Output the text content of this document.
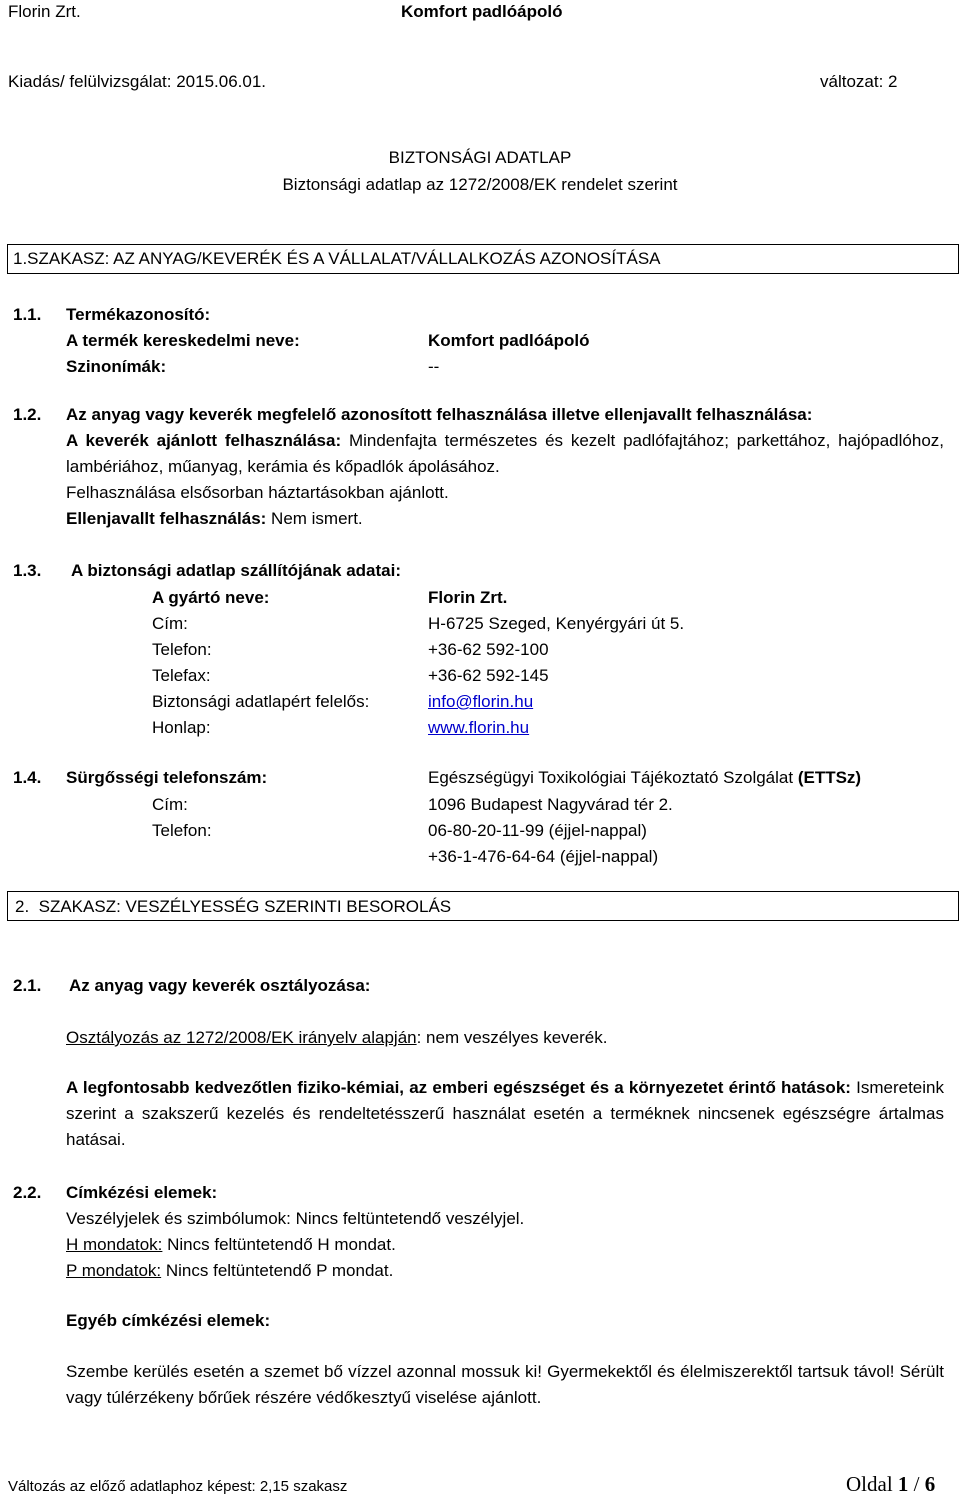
Florin Zrt.	Komfort padlóápoló
Kiadás/ felülvizsgálat: 2015.06.01.	változat: 2
BIZTONSÁGI ADATLAP
Biztonsági adatlap az 1272/2008/EK rendelet szerint
1.SZAKASZ: AZ ANYAG/KEVERÉK ÉS A VÁLLALAT/VÁLLALKOZÁS AZONOSÍTÁSA
1.1. Termékazonosító:
A termék kereskedelmi neve:	Komfort padlóápoló
Szinonímák:	--
1.2. Az anyag vagy keverék megfelelő azonosított felhasználása illetve ellenjavallt felhasználása:
A keverék ajánlott felhasználása: Mindenfajta természetes és kezelt padlófajtához; parkettához, hajópadlóhoz, lambériához, műanyag, kerámia és kőpadlók ápolásához.
Felhasználása elsősorban háztartásokban ajánlott.
Ellenjavallt felhasználás: Nem ismert.
1.3. A biztonsági adatlap szállítójának adatai:
A gyártó neve:	Florin Zrt.
Cím:	H-6725 Szeged, Kenyérgyári út 5.
Telefon:	+36-62 592-100
Telefax:	+36-62 592-145
Biztonsági adatlapért felelős:	info@florin.hu
Honlap:	www.florin.hu
1.4. Sürgősségi telefonszám:	Egészségügyi Toxikológiai Tájékoztató Szolgálat (ETTSz)
Cím:	1096 Budapest Nagyvárad tér 2.
Telefon:	06-80-20-11-99 (éjjel-nappal)
+36-1-476-64-64 (éjjel-nappal)
2.  SZAKASZ: VESZÉLYESSÉG SZERINTI BESOROLÁS
2.1. Az anyag vagy keverék osztályozása:
Osztályozás az 1272/2008/EK irányelv alapján: nem veszélyes keverék.
A legfontosabb kedvezőtlen fiziko-kémiai, az emberi egészséget és a környezetet érintő hatások: Ismereteink szerint a szakszerű kezelés és rendeltetésszerű használat esetén a terméknek nincsenek egészségre ártalmas hatásai.
2.2. Címkézési elemek:
Veszélyjelek és szimbólumok: Nincs feltüntetendő veszélyjel.
H mondatok: Nincs feltüntetendő H mondat.
P mondatok: Nincs feltüntetendő P mondat.
Egyéb címkézési elemek:
Szembe kerülés esetén a szemet bő vízzel azonnal mossuk ki! Gyermekektől és élelmiszerektől tartsuk távol! Sérült vagy túlérzékeny bőrűek részére védőkesztyű viselése ajánlott.
Változás az előző adatlaphoz képest: 2,15 szakasz	Oldal 1 / 6
